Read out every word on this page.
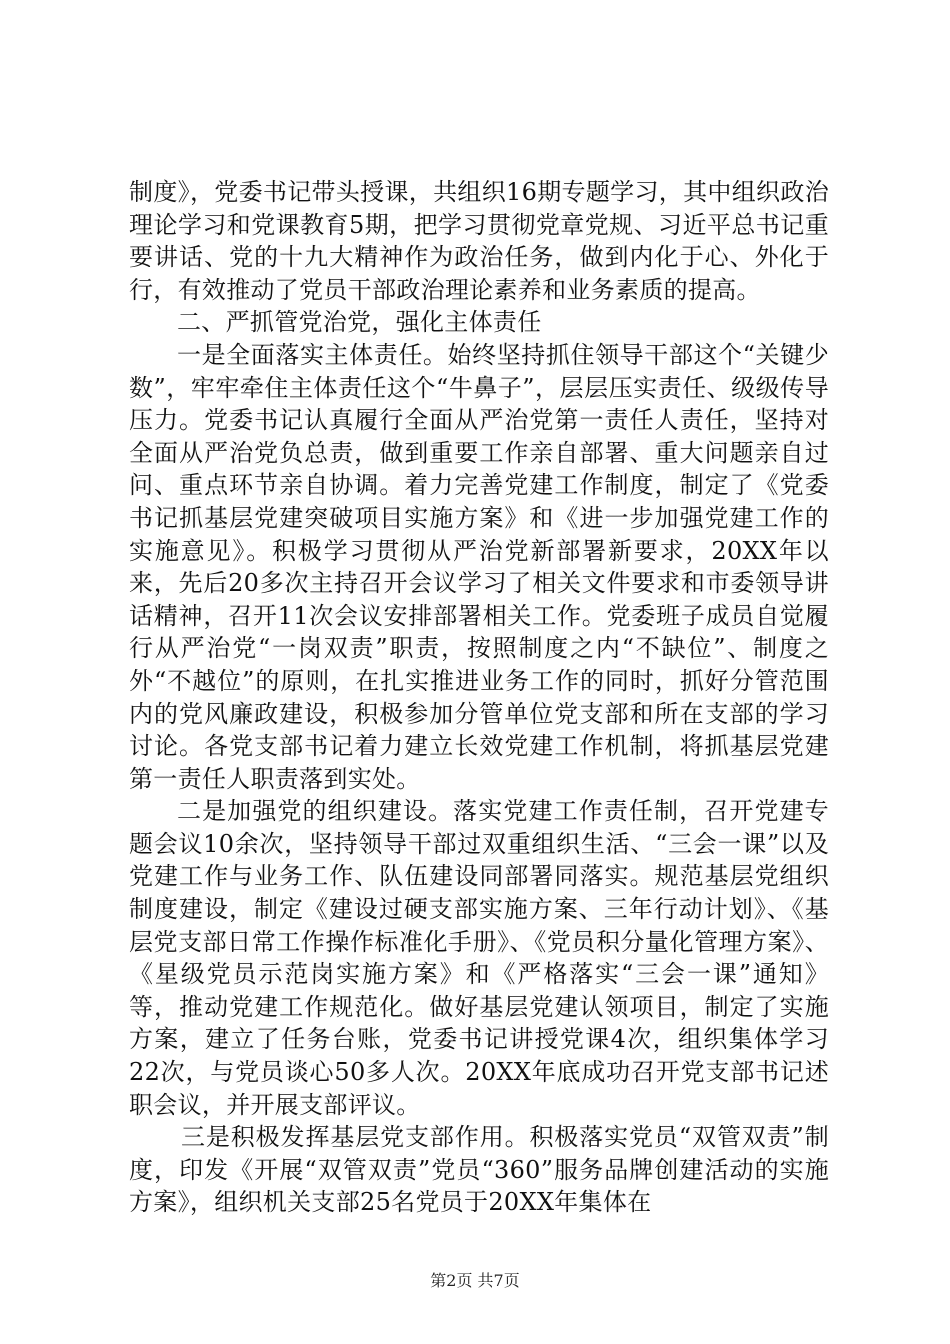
制度》，党委书记带头授课，共组织16期专题学习，其中组织政治理论学习和党课教育5期，把学习贯彻党章党规、习近平总书记重要讲话、党的十九大精神作为政治任务，做到内化于心、外化于行，有效推动了党员干部政治理论素养和业务素质的提高。

二、严抓管党治党，强化主体责任

一是全面落实主体责任。始终坚持抓住领导干部这个“关键少数”，牢牢牵住主体责任这个“牛鼻子”，层层压实责任、级级传导压力。党委书记认真履行全面从严治党第一责任人责任，坚持对全面从严治党负总责，做到重要工作亲自部署、重大问题亲自过问、重点环节亲自协调。着力完善党建工作制度，制定了《党委书记抓基层党建突破项目实施方案》和《进一步加强党建工作的实施意见》。积极学习贯彻从严治党新部署新要求，20XX年以来，先后20多次主持召开会议学习了相关文件要求和市委领导讲话精神，召开11次会议安排部署相关工作。党委班子成员自觉履行从严治党“一岗双责”职责，按照制度之内“不缺位”、制度之外“不越位”的原则，在扎实推进业务工作的同时，抓好分管范围内的党风廉政建设，积极参加分管单位党支部和所在支部的学习讨论。各党支部书记着力建立长效党建工作机制，将抓基层党建第一责任人职责落到实处。

二是加强党的组织建设。落实党建工作责任制，召开党建专题会议10余次，坚持领导干部过双重组织生活、“三会一课”以及党建工作与业务工作、队伍建设同部署同落实。规范基层党组织制度建设，制定《建设过硬支部实施方案、三年行动计划》、《基层党支部日常工作操作标准化手册》、《党员积分量化管理方案》、《星级党员示范岗实施方案》和《严格落实“三会一课”通知》等，推动党建工作规范化。做好基层党建认领项目，制定了实施方案，建立了任务台账，党委书记讲授党课4次，组织集体学习22次，与党员谈心50多人次。20XX年底成功召开党支部书记述职会议，并开展支部评议。

三是积极发挥基层党支部作用。积极落实党员“双管双责”制度，印发《开展“双管双责”党员“360”服务品牌创建活动的实施方案》，组织机关支部25名党员于20XX年集体在

第2页 共7页
